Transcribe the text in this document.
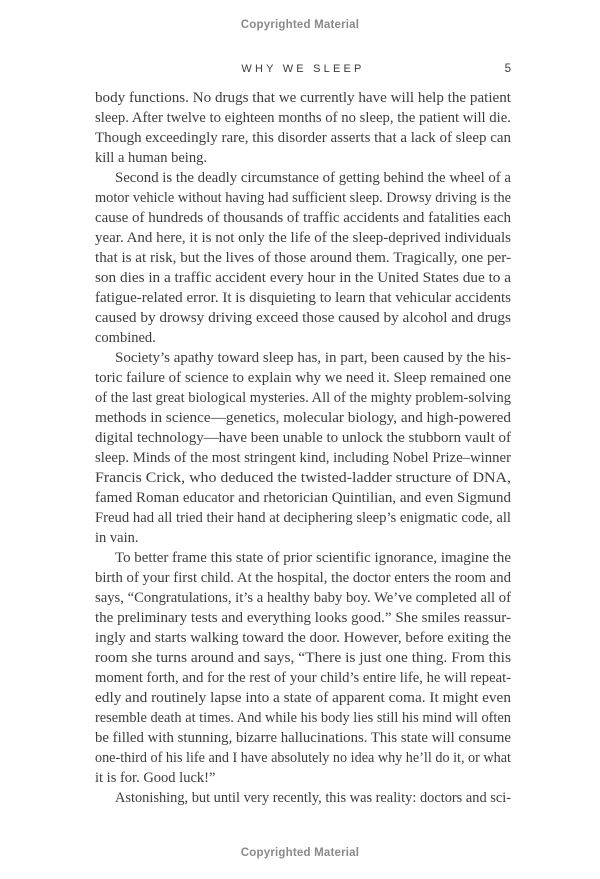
Copyrighted Material
WHY WE SLEEP	5
body functions. No drugs that we currently have will help the patient
sleep. After twelve to eighteen months of no sleep, the patient will die.
Though exceedingly rare, this disorder asserts that a lack of sleep can
kill a human being.
Second is the deadly circumstance of getting behind the wheel of a
motor vehicle without having had sufficient sleep. Drowsy driving is the
cause of hundreds of thousands of traffic accidents and fatalities each
year. And here, it is not only the life of the sleep-deprived individuals
that is at risk, but the lives of those around them. Tragically, one per-
son dies in a traffic accident every hour in the United States due to a
fatigue-related error. It is disquieting to learn that vehicular accidents
caused by drowsy driving exceed those caused by alcohol and drugs
combined.
Society’s apathy toward sleep has, in part, been caused by the his-
toric failure of science to explain why we need it. Sleep remained one
of the last great biological mysteries. All of the mighty problem-solving
methods in science—genetics, molecular biology, and high-powered
digital technology—have been unable to unlock the stubborn vault of
sleep. Minds of the most stringent kind, including Nobel Prize–winner
Francis Crick, who deduced the twisted-ladder structure of DNA,
famed Roman educator and rhetorician Quintilian, and even Sigmund
Freud had all tried their hand at deciphering sleep’s enigmatic code, all
in vain.
To better frame this state of prior scientific ignorance, imagine the
birth of your first child. At the hospital, the doctor enters the room and
says, “Congratulations, it’s a healthy baby boy. We’ve completed all of
the preliminary tests and everything looks good.” She smiles reassur-
ingly and starts walking toward the door. However, before exiting the
room she turns around and says, “There is just one thing. From this
moment forth, and for the rest of your child’s entire life, he will repeat-
edly and routinely lapse into a state of apparent coma. It might even
resemble death at times. And while his body lies still his mind will often
be filled with stunning, bizarre hallucinations. This state will consume
one-third of his life and I have absolutely no idea why he’ll do it, or what
it is for. Good luck!”
Astonishing, but until very recently, this was reality: doctors and sci-
Copyrighted Material
